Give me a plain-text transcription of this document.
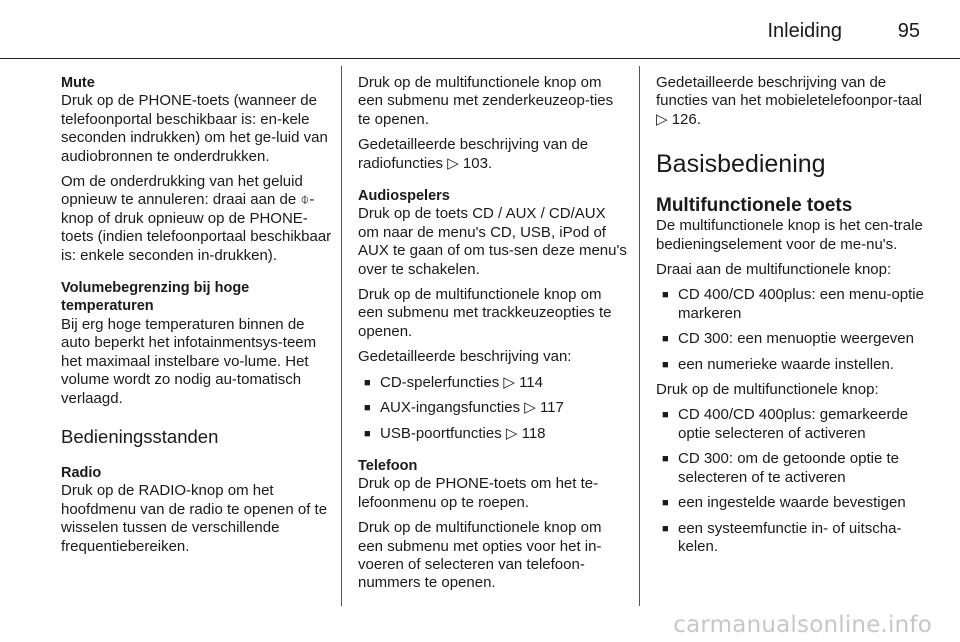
Inleiding	95
Mute

Druk op de PHONE-toets (wanneer de telefoonportal beschikbaar is: en-kele seconden indrukken) om het ge-luid van audiobronnen te onderdrukken.

Om de onderdrukking van het geluid opnieuw te annuleren: draai aan de ⌽-knop of druk opnieuw op de PHONE-toets (indien telefoonportaal beschikbaar is: enkele seconden in-drukken).

Volumebegrenzing bij hoge
temperaturen

Bij erg hoge temperaturen binnen de auto beperkt het infotainmentsys-teem het maximaal instelbare vo-lume. Het volume wordt zo nodig au-tomatisch verlaagd.

Bedieningsstanden
Radio

Druk op de RADIO-knop om het hoofdmenu van de radio te openen of te wisselen tussen de verschillende frequentiebereiken.

Druk op de multifunctionele knop om een submenu met zenderkeuzeop-ties te openen.

Gedetailleerde beschrijving van de radiofuncties ▷ 103.

Audiospelers

Druk op de toets CD / AUX / CD/AUX om naar de menu's CD, USB, iPod of AUX te gaan of om tus-sen deze menu's over te schakelen.

Druk op de multifunctionele knop om een submenu met trackkeuzeopties te openen.

Gedetailleerde beschrijving van:

■ CD-spelerfuncties ▷ 114
■ AUX-ingangsfuncties ▷ 117
■ USB-poortfuncties ▷ 118
Telefoon

Druk op de PHONE-toets om het te-lefoonmenu op te roepen.

Druk op de multifunctionele knop om een submenu met opties voor het in-voeren of selecteren van telefoon-nummers te openen.

Gedetailleerde beschrijving van de functies van het mobieletelefoonpor-taal ▷ 126.

Basisbediening
Multifunctionele toets

De multifunctionele knop is het cen-trale bedieningselement voor de me-nu's.

Draai aan de multifunctionele knop:

■ CD 400/CD 400plus: een menu-optie markeren
■ CD 300: een menuoptie weergeven
■ een numerieke waarde instellen.

Druk op de multifunctionele knop:

■ CD 400/CD 400plus: gemarkeerde optie selecteren of activeren
■ CD 300: om de getoonde optie te selecteren of te activeren
■ een ingestelde waarde bevestigen
■ een systeemfunctie in- of uitscha-kelen.
carmanualsonline.info
